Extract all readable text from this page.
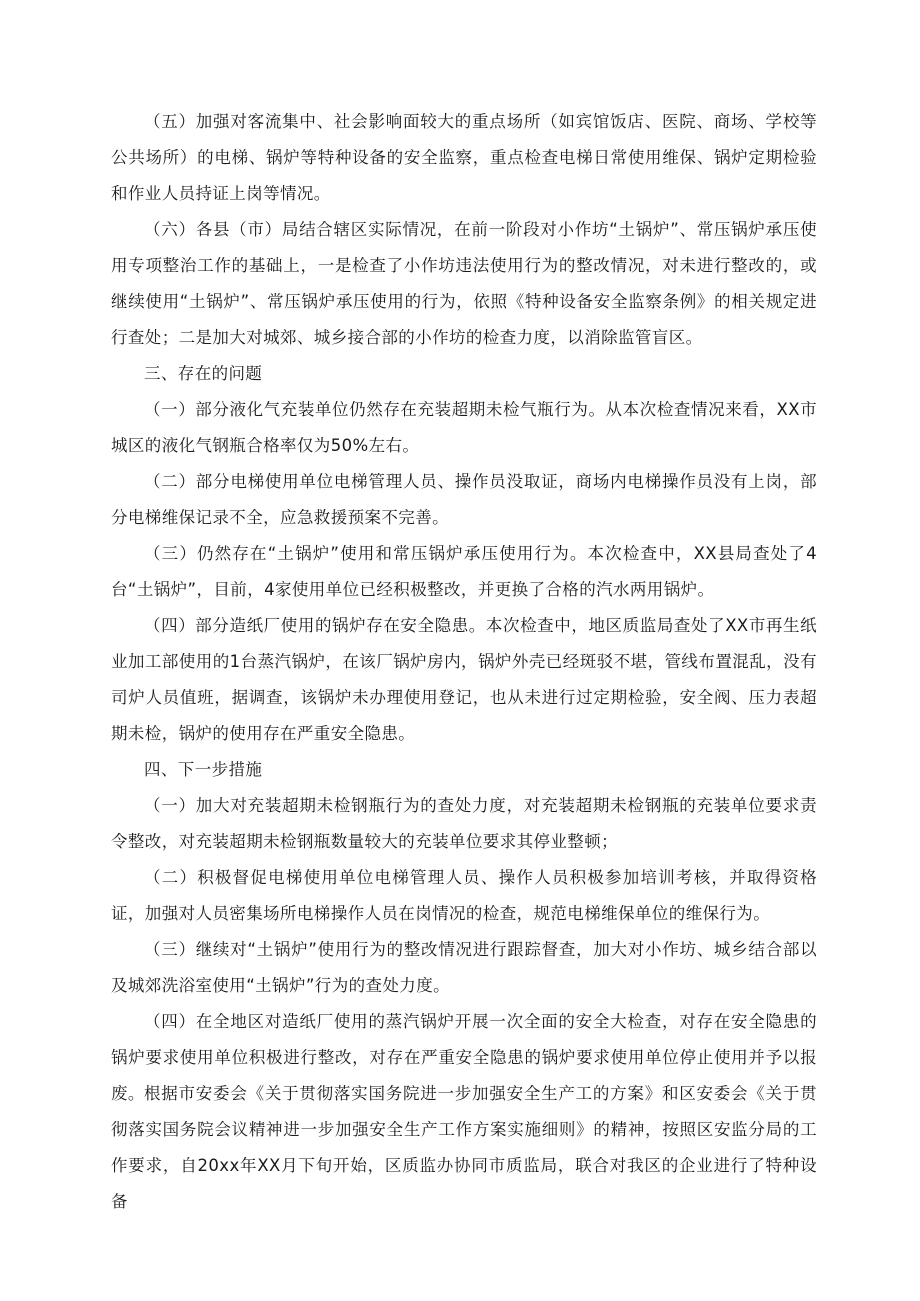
（五）加强对客流集中、社会影响面较大的重点场所（如宾馆饭店、医院、商场、学校等公共场所）的电梯、锅炉等特种设备的安全监察，重点检查电梯日常使用维保、锅炉定期检验和作业人员持证上岗等情况。

（六）各县（市）局结合辖区实际情况，在前一阶段对小作坊“土锅炉”、常压锅炉承压使用专项整治工作的基础上，一是检查了小作坊违法使用行为的整改情况，对未进行整改的，或继续使用“土锅炉”、常压锅炉承压使用的行为，依照《特种设备安全监察条例》的相关规定进行查处；二是加大对城郊、城乡接合部的小作坊的检查力度，以消除监管盲区。

三、存在的问题

（一）部分液化气充装单位仍然存在充装超期未检气瓶行为。从本次检查情况来看，XX市城区的液化气钢瓶合格率仅为50%左右。

（二）部分电梯使用单位电梯管理人员、操作员没取证，商场内电梯操作员没有上岗，部分电梯维保记录不全，应急救援预案不完善。

（三）仍然存在“土锅炉”使用和常压锅炉承压使用行为。本次检查中，XX县局查处了4台“土锅炉”，目前，4家使用单位已经积极整改，并更换了合格的汽水两用锅炉。

（四）部分造纸厂使用的锅炉存在安全隐患。本次检查中，地区质监局查处了XX市再生纸业加工部使用的1台蒸汽锅炉，在该厂锅炉房内，锅炉外壳已经斑驳不堪，管线布置混乱，没有司炉人员值班，据调查，该锅炉未办理使用登记，也从未进行过定期检验，安全阀、压力表超期未检，锅炉的使用存在严重安全隐患。

四、下一步措施

（一）加大对充装超期未检钢瓶行为的查处力度，对充装超期未检钢瓶的充装单位要求责令整改，对充装超期未检钢瓶数量较大的充装单位要求其停业整顿；

（二）积极督促电梯使用单位电梯管理人员、操作人员积极参加培训考核，并取得资格证，加强对人员密集场所电梯操作人员在岗情况的检查，规范电梯维保单位的维保行为。

（三）继续对“土锅炉”使用行为的整改情况进行跟踪督查，加大对小作坊、城乡结合部以及城郊洗浴室使用“土锅炉”行为的查处力度。

（四）在全地区对造纸厂使用的蒸汽锅炉开展一次全面的安全大检查，对存在安全隐患的锅炉要求使用单位积极进行整改，对存在严重安全隐患的锅炉要求使用单位停止使用并予以报废。 根据市安委会《关于贯彻落实国务院进一步加强安全生产工的方案》和区安委会《关于贯彻落实国务院会议精神进一步加强安全生产工作方案实施细则》的精神，按照区安监分局的工作要求，自20xx年XX月下旬开始，区质监办协同市质监局，联合对我区的企业进行了特种设备
